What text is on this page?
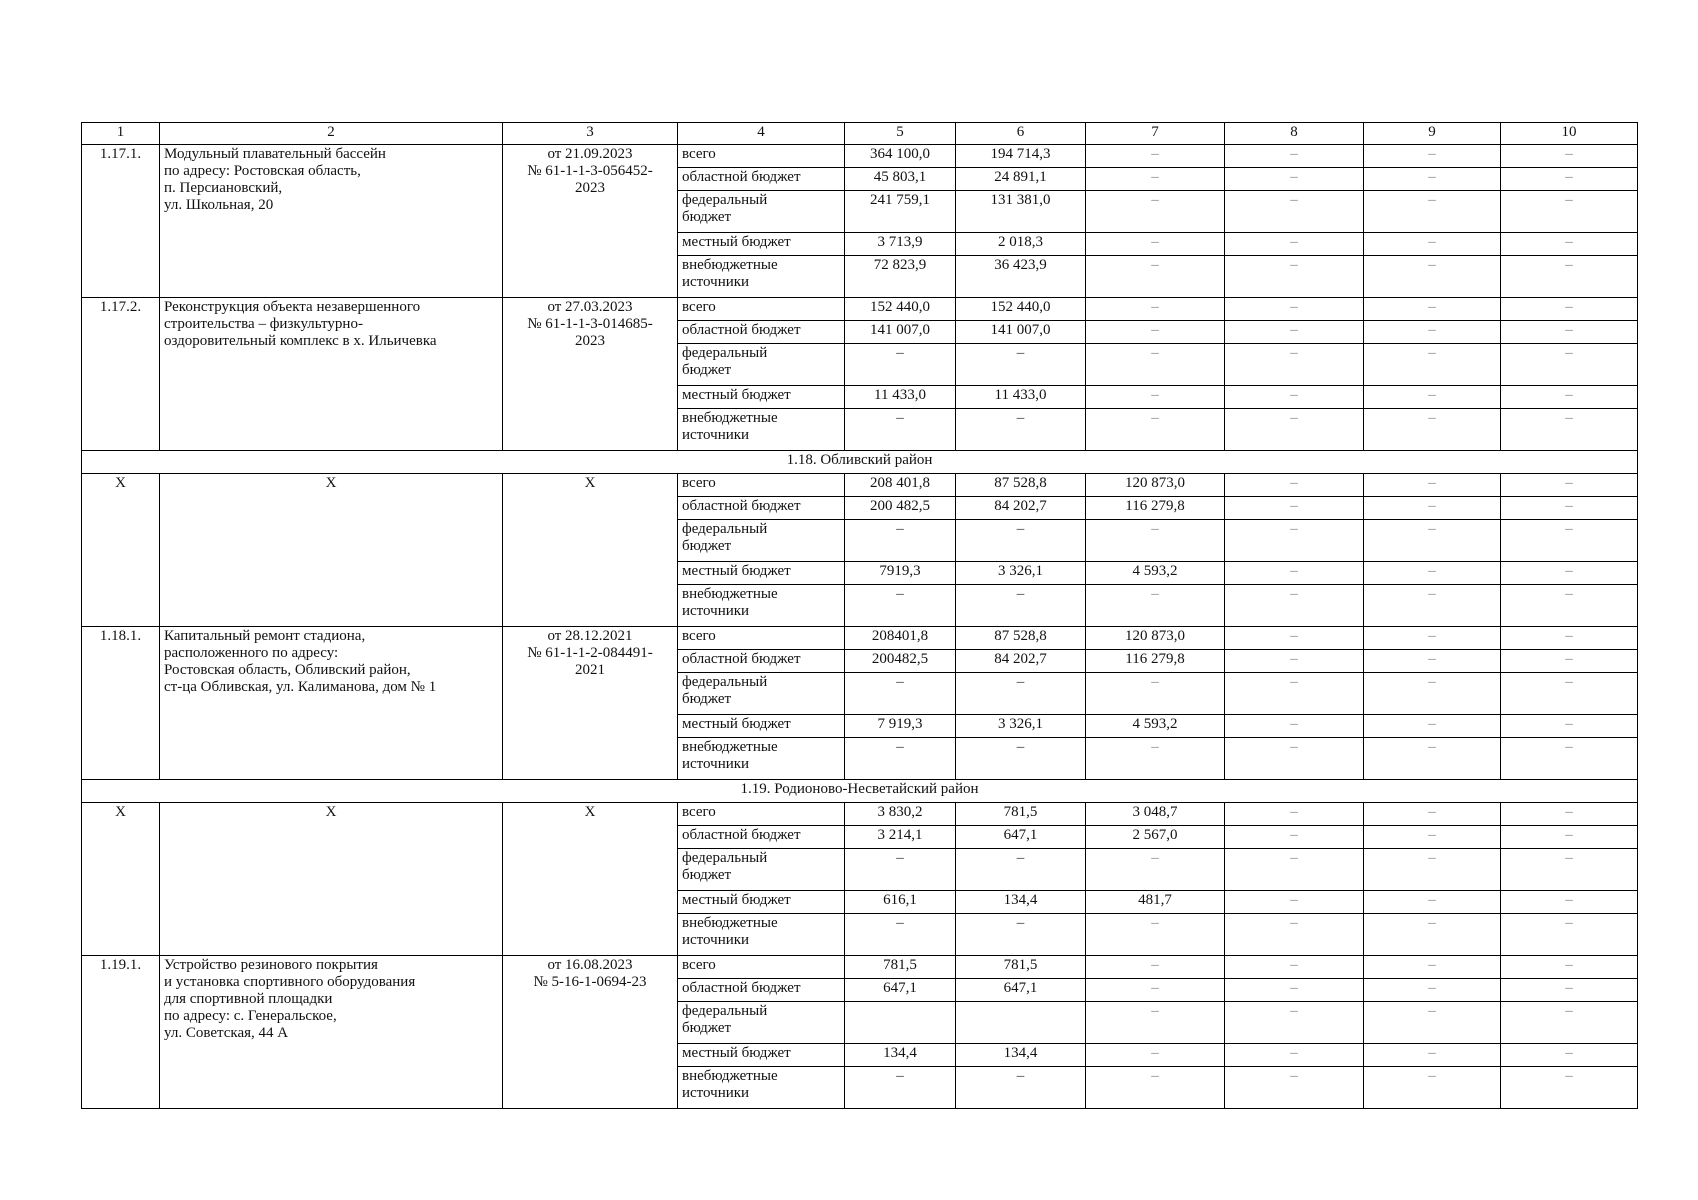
1	2	3	4	5	6	7	8	9	10
1.17.1.	Модульный плавательный бассейн
по адресу: Ростовская область,
п. Персиановский,
ул. Школьная, 20	от 21.09.2023
№ 61-1-1-3-056452-
2023	всего	364 100,0	194 714,3	–	–	–	–
			областной бюджет	45 803,1	24 891,1	–	–	–	–
			федеральный
бюджет	241 759,1	131 381,0	–	–	–	–
			местный бюджет	3 713,9	2 018,3	–	–	–	–
			внебюджетные
источники	72 823,9	36 423,9	–	–	–	–
1.17.2.	Реконструкция объекта незавершенного
строительства – физкультурно-
оздоровительный комплекс в х. Ильичевка	от 27.03.2023
№ 61-1-1-3-014685-
2023	всего	152 440,0	152 440,0	–	–	–	–
			областной бюджет	141 007,0	141 007,0	–	–	–	–
			федеральный
бюджет	–	–	–	–	–	–
			местный бюджет	11 433,0	11 433,0	–	–	–	–
			внебюджетные
источники	–	–	–	–	–	–
1.18. Обливский район									
X	X	X	всего	208 401,8	87 528,8	120 873,0	–	–	–
			областной бюджет	200 482,5	84 202,7	116 279,8	–	–	–
			федеральный
бюджет	–	–	–	–	–	–
			местный бюджет	7919,3	3 326,1	4 593,2	–	–	–
			внебюджетные
источники	–	–	–	–	–	–
1.18.1.	Капитальный ремонт стадиона,
расположенного по адресу:
Ростовская область, Обливский район,
ст-ца Обливская, ул. Калиманова, дом № 1	от 28.12.2021
№ 61-1-1-2-084491-
2021	всего	208401,8	87 528,8	120 873,0	–	–	–
			областной бюджет	200482,5	84 202,7	116 279,8	–	–	–
			федеральный
бюджет	–	–	–	–	–	–
			местный бюджет	7 919,3	3 326,1	4 593,2	–	–	–
			внебюджетные
источники	–	–	–	–	–	–
1.19. Родионово-Несветайский район									
X	X	X	всего	3 830,2	781,5	3 048,7	–	–	–
			областной бюджет	3 214,1	647,1	2 567,0	–	–	–
			федеральный
бюджет	–	–	–	–	–	–
			местный бюджет	616,1	134,4	481,7	–	–	–
			внебюджетные
источники	–	–	–	–	–	–
1.19.1.	Устройство резинового покрытия
и установка спортивного оборудования
для спортивной площадки
по адресу: с. Генеральское,
ул. Советская, 44 А	от 16.08.2023
№ 5-16-1-0694-23	всего	781,5	781,5	–	–	–	–
			областной бюджет	647,1	647,1	–	–	–	–
			федеральный
бюджет			–	–	–	–
			местный бюджет	134,4	134,4	–	–	–	–
			внебюджетные
источники	–	–	–	–	–	–
